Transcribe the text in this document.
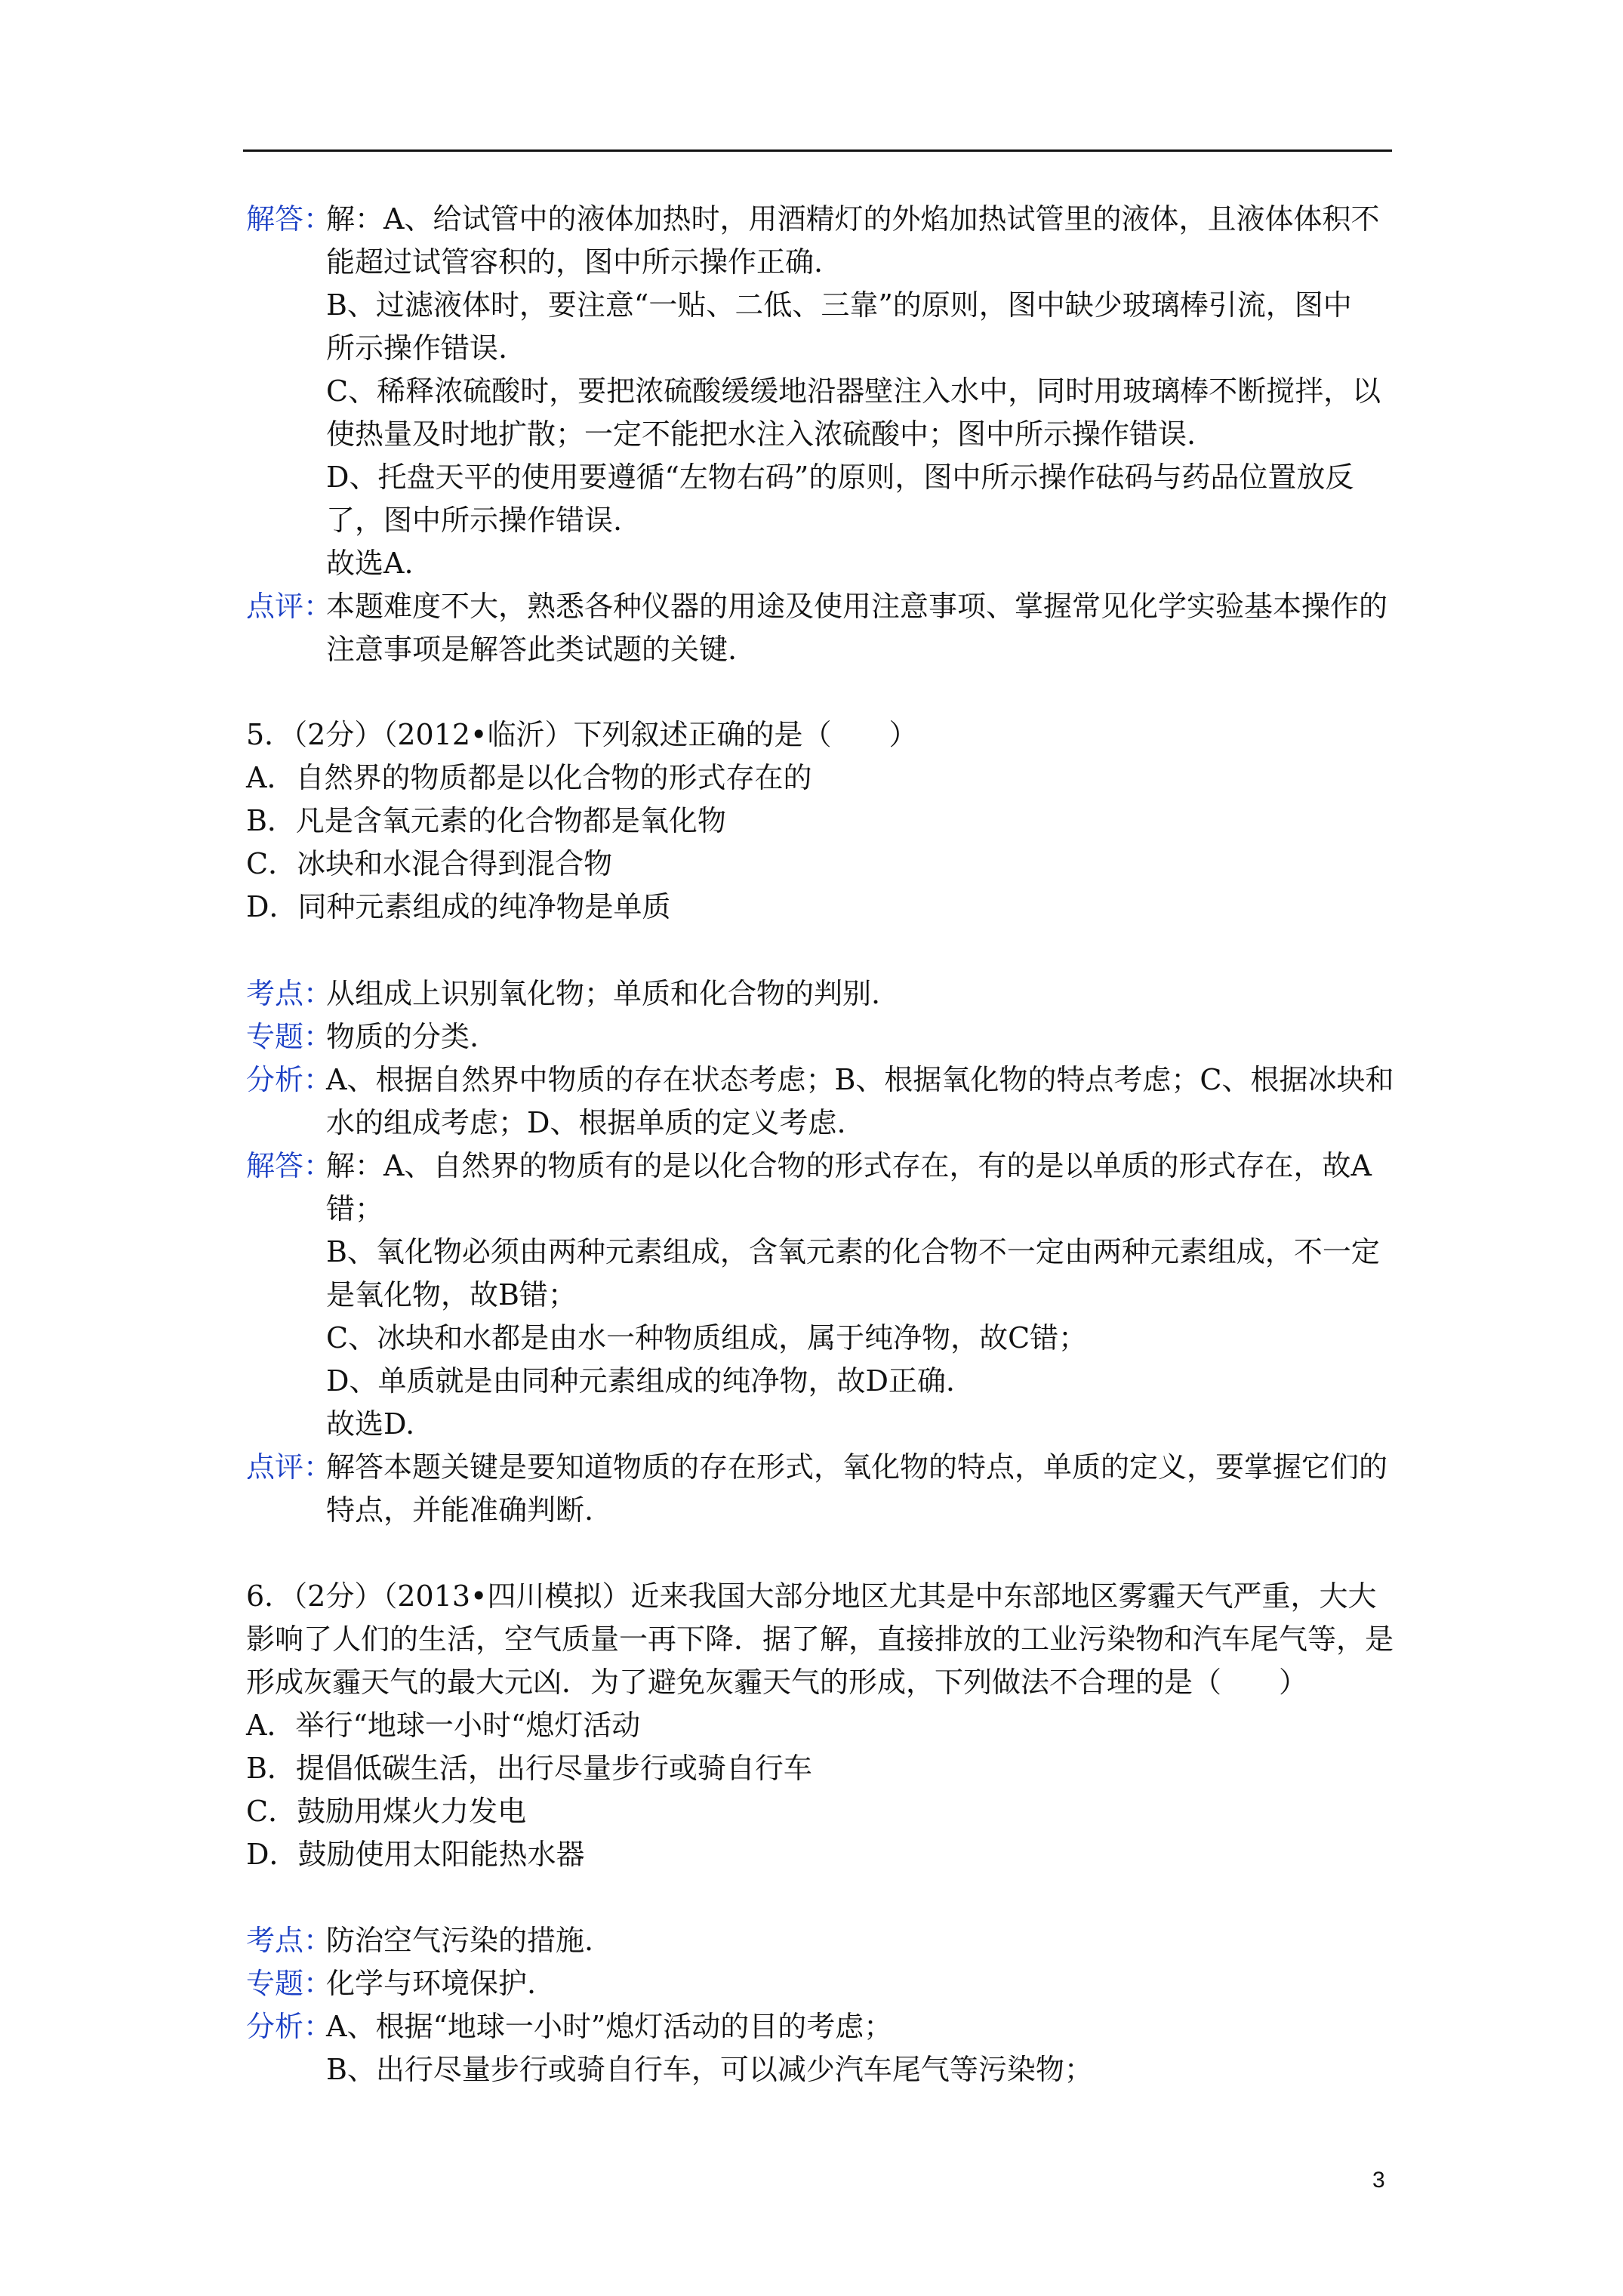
解答：
解：A、给试管中的液体加热时，用酒精灯的外焰加热试管里的液体，且液体体积不
能超过试管容积的，图中所示操作正确.
B、过滤液体时，要注意“一贴、二低、三靠”的原则，图中缺少玻璃棒引流，图中
所示操作错误.
C、稀释浓硫酸时，要把浓硫酸缓缓地沿器壁注入水中，同时用玻璃棒不断搅拌，以
使热量及时地扩散；一定不能把水注入浓硫酸中；图中所示操作错误.
D、托盘天平的使用要遵循“左物右码”的原则，图中所示操作砝码与药品位置放反
了，图中所示操作错误.
故选A.
点评：
本题难度不大，熟悉各种仪器的用途及使用注意事项、掌握常见化学实验基本操作的
注意事项是解答此类试题的关键.
5．（2分）（2012•临沂）下列叙述正确的是（　　）
A．自然界的物质都是以化合物的形式存在的
B．凡是含氧元素的化合物都是氧化物
C．冰块和水混合得到混合物
D．同种元素组成的纯净物是单质
考点：
从组成上识别氧化物；单质和化合物的判别.
专题：
物质的分类.
分析：
A、根据自然界中物质的存在状态考虑；B、根据氧化物的特点考虑；C、根据冰块和
水的组成考虑；D、根据单质的定义考虑.
解答：
解：A、自然界的物质有的是以化合物的形式存在，有的是以单质的形式存在，故A
错；
B、氧化物必须由两种元素组成，含氧元素的化合物不一定由两种元素组成，不一定
是氧化物，故B错；
C、冰块和水都是由水一种物质组成，属于纯净物，故C错；
D、单质就是由同种元素组成的纯净物，故D正确.
故选D.
点评：
解答本题关键是要知道物质的存在形式，氧化物的特点，单质的定义，要掌握它们的
特点，并能准确判断.
6．（2分）（2013•四川模拟）近来我国大部分地区尤其是中东部地区雾霾天气严重，大大
影响了人们的生活，空气质量一再下降．据了解，直接排放的工业污染物和汽车尾气等，是
形成灰霾天气的最大元凶．为了避免灰霾天气的形成，下列做法不合理的是（　　）
A．举行“地球一小时“熄灯活动
B．提倡低碳生活，出行尽量步行或骑自行车
C．鼓励用煤火力发电
D．鼓励使用太阳能热水器
考点：
防治空气污染的措施.
专题：
化学与环境保护.
分析：
A、根据“地球一小时”熄灯活动的目的考虑；
B、出行尽量步行或骑自行车，可以减少汽车尾气等污染物；
3
